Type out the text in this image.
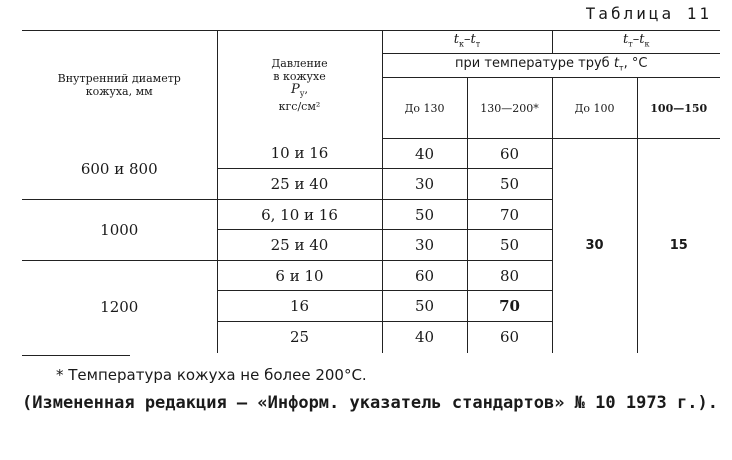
Таблица 11
Внутренний диаметр кожуха, мм	Давление
в кожухе
$P_у$,
кгс/см²	$t_к-t_т$		$t_т-t_к$
		при температуре труб $t_т$, °С			
		До 130	130—200*	До 100	100—150
600 и 800	10 и 16	40	60	30	15
	25 и 40	30	50		
1000	6, 10 и 16	50	70		
	25 и 40	30	50		
1200	6 и 10	60	80		
	16	50	70		
	25	40	60		
* Температура кожуха не более 200°С.
(Измененная редакция — «Информ. указатель стандартов» № 10 1973 г.).
